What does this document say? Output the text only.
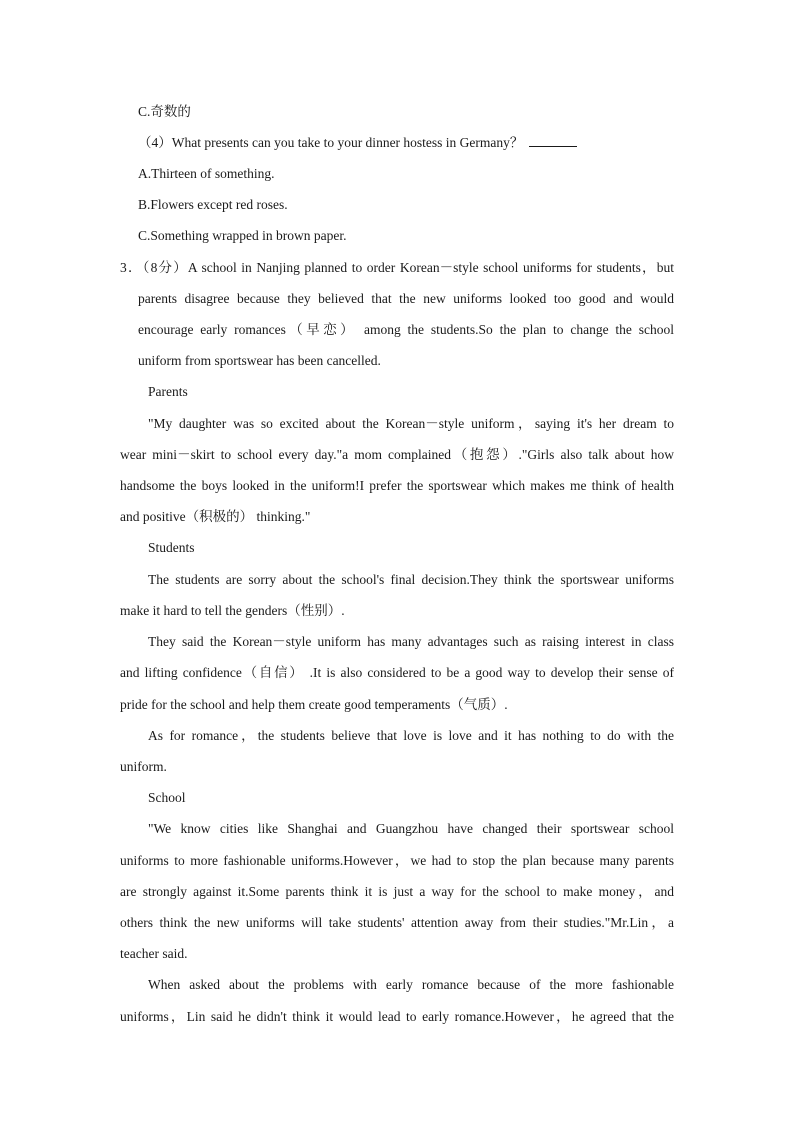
C.奇数的
（4）What presents can you take to your dinner hostess in Germany？
A.Thirteen of something.
B.Flowers except red roses.
C.Something wrapped in brown paper.
3．（8分）A school in Nanjing planned to order Korean－style school uniforms for students，but
parents disagree because they believed that the new uniforms looked too good and would
encourage early romances（早恋） among the students.So the plan to change the school
uniform from sportswear has been cancelled.
Parents
"My daughter was so excited about the Korean－style uniform，saying it's her dream to
wear mini－skirt to school every day."a mom complained（抱怨）."Girls also talk about how
handsome the boys looked in the uniform!I prefer the sportswear which makes me think of health
and positive（积极的） thinking."
Students
The students are sorry about the school's final decision.They think the sportswear uniforms
make it hard to tell the genders（性别）.
They said the Korean－style uniform has many advantages such as raising interest in class
and lifting confidence（自信） .It is also considered to be a good way to develop their sense of
pride for the school and help them create good temperaments（气质）.
As for romance，the students believe that love is love and it has nothing to do with the
uniform.
School
"We know cities like Shanghai and Guangzhou have changed their sportswear school
uniforms to more fashionable uniforms.However，we had to stop the plan because many parents
are strongly against it.Some parents think it is just a way for the school to make money，and
others think the new uniforms will take students' attention away from their studies."Mr.Lin，a
teacher said.
When asked about the problems with early romance because of the more fashionable
uniforms，Lin said he didn't think it would lead to early romance.However，he agreed that the
